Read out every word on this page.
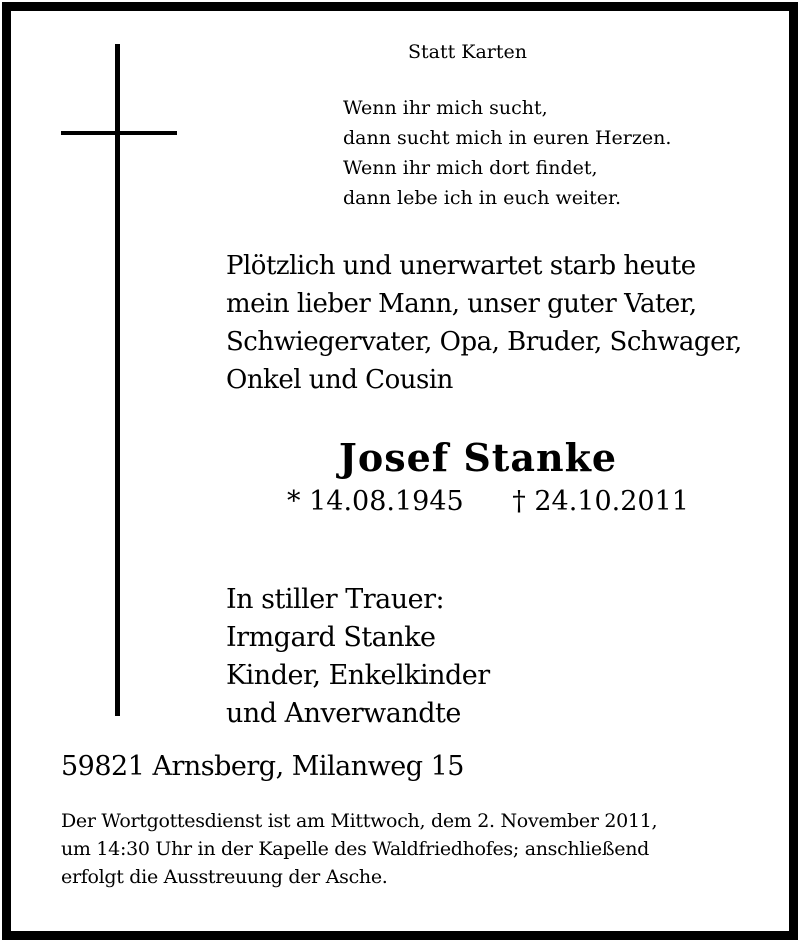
Statt Karten
Wenn ihr mich sucht,
dann sucht mich in euren Herzen.
Wenn ihr mich dort findet,
dann lebe ich in euch weiter.
Plötzlich und unerwartet starb heute
mein lieber Mann, unser guter Vater,
Schwiegervater, Opa, Bruder, Schwager,
Onkel und Cousin
Josef Stanke
* 14.08.1945 † 24.10.2011
In stiller Trauer:
Irmgard Stanke
Kinder, Enkelkinder
und Anverwandte
59821 Arnsberg, Milanweg 15
Der Wortgottesdienst ist am Mittwoch, dem 2. November 2011,
um 14:30 Uhr in der Kapelle des Waldfriedhofes; anschließend
erfolgt die Ausstreuung der Asche.
